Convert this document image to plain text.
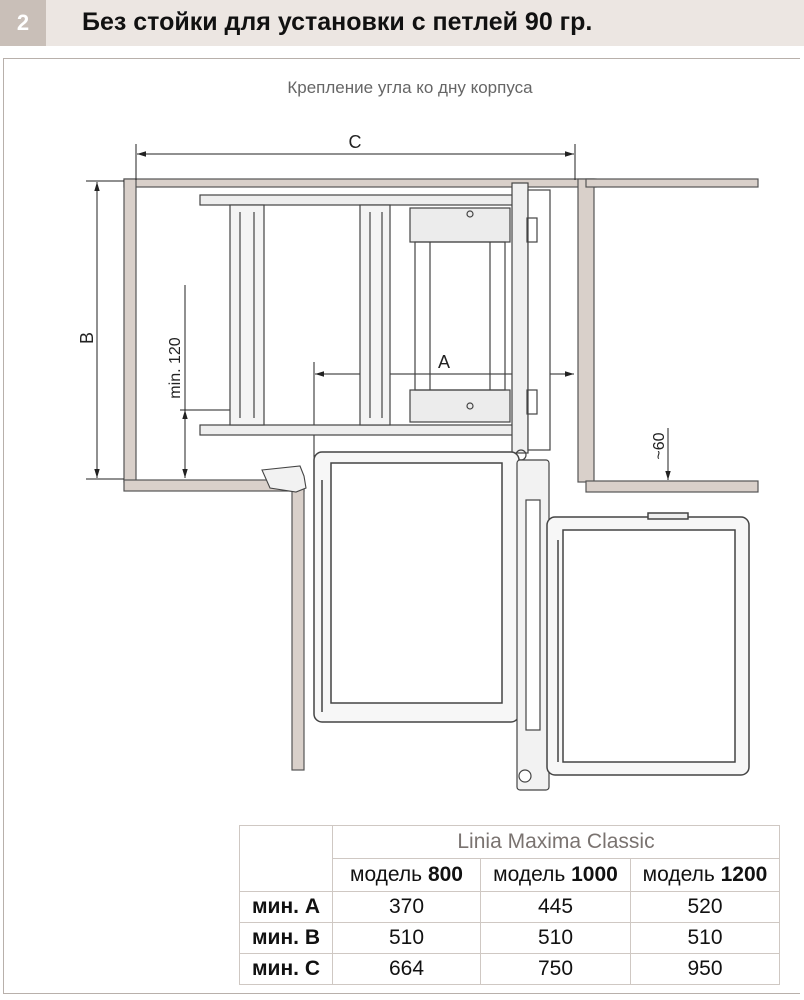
2	Без стойки для установки с петлей 90 гр.
Крепление угла ко дну корпуса
C
B	min. 120	A
~60
	Linia Maxima Classic		
	модель 800	модель 1000	модель 1200
мин. А	370	445	520
мин. В	510	510	510
мин. С	664	750	950
